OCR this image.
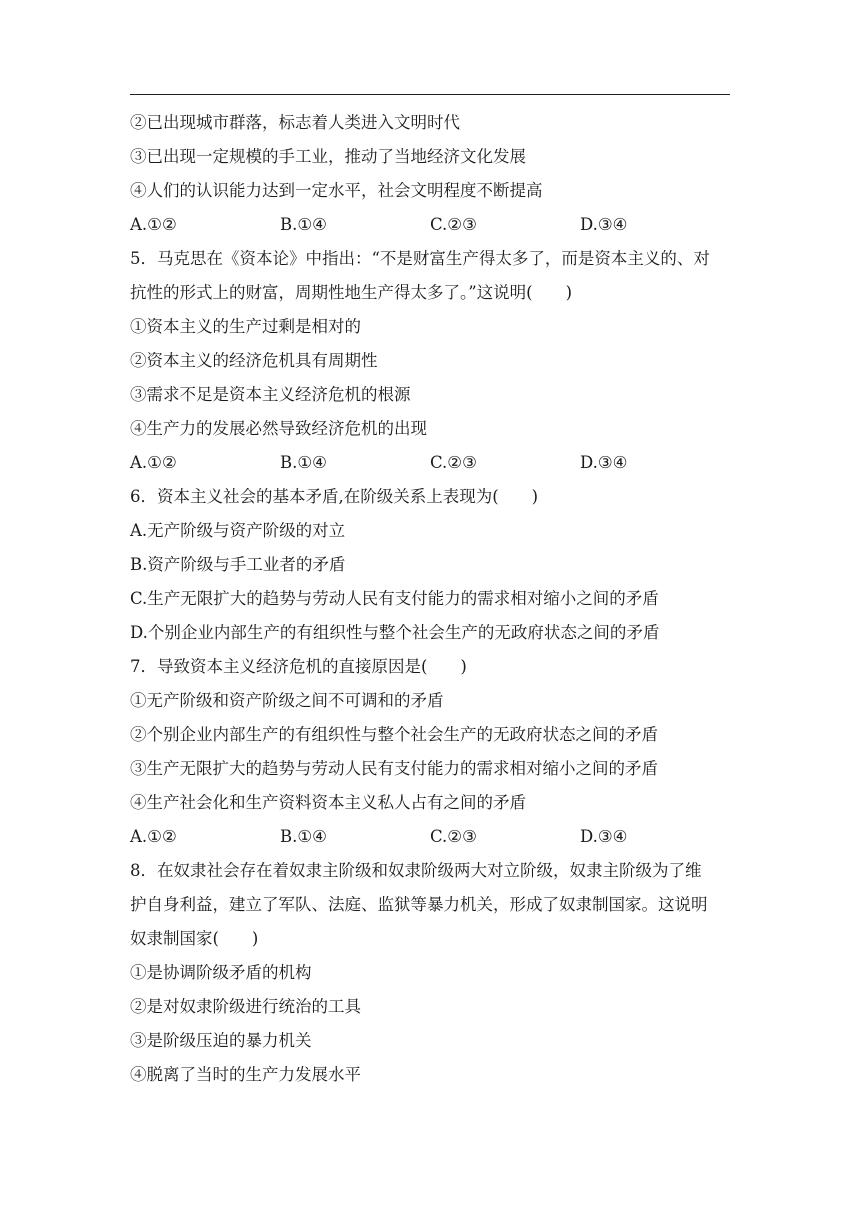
②已出现城市群落，标志着人类进入文明时代
③已出现一定规模的手工业，推动了当地经济文化发展
④人们的认识能力达到一定水平，社会文明程度不断提高
A.①②	B.①④	C.②③	D.③④
5．马克思在《资本论》中指出：“不是财富生产得太多了，而是资本主义的、对
抗性的形式上的财富，周期性地生产得太多了。”这说明(　　)
①资本主义的生产过剩是相对的
②资本主义的经济危机具有周期性
③需求不足是资本主义经济危机的根源
④生产力的发展必然导致经济危机的出现
A.①②	B.①④	C.②③	D.③④
6．资本主义社会的基本矛盾,在阶级关系上表现为(　　)
A.无产阶级与资产阶级的对立
B.资产阶级与手工业者的矛盾
C.生产无限扩大的趋势与劳动人民有支付能力的需求相对缩小之间的矛盾
D.个别企业内部生产的有组织性与整个社会生产的无政府状态之间的矛盾
7．导致资本主义经济危机的直接原因是(　　)
①无产阶级和资产阶级之间不可调和的矛盾
②个别企业内部生产的有组织性与整个社会生产的无政府状态之间的矛盾
③生产无限扩大的趋势与劳动人民有支付能力的需求相对缩小之间的矛盾
④生产社会化和生产资料资本主义私人占有之间的矛盾
A.①②	B.①④	C.②③	D.③④
8．在奴隶社会存在着奴隶主阶级和奴隶阶级两大对立阶级，奴隶主阶级为了维
护自身利益，建立了军队、法庭、监狱等暴力机关，形成了奴隶制国家。这说明
奴隶制国家(　　)
①是协调阶级矛盾的机构
②是对奴隶阶级进行统治的工具
③是阶级压迫的暴力机关
④脱离了当时的生产力发展水平
